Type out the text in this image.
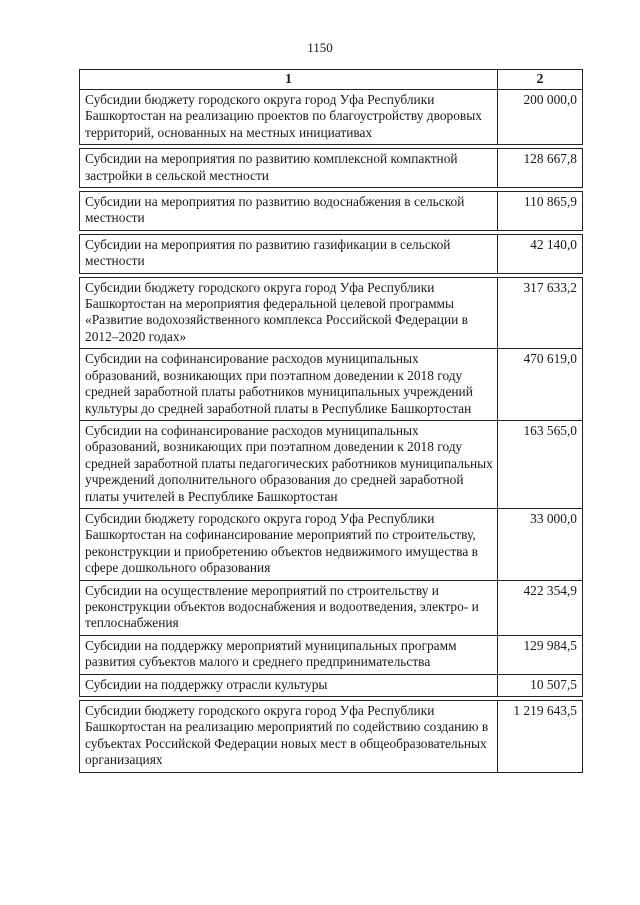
1150
1	2
Субсидии бюджету городского округа город Уфа Республики Башкортостан на реализацию проектов по благоустройству дворовых территорий, основанных на местных инициативах	200 000,0

Субсидии на мероприятия по развитию комплексной компактной застройки в сельской местности	128 667,8

Субсидии на мероприятия по развитию водоснабжения в сельской местности	110 865,9

Субсидии на мероприятия по развитию газификации в сельской местности	42 140,0

Субсидии бюджету городского округа город Уфа Республики Башкортостан на мероприятия федеральной целевой программы «Развитие водохозяйственного комплекса Российской Федерации в 2012–2020 годах»	317 633,2
Субсидии на софинансирование расходов муниципальных образований, возникающих при поэтапном доведении к 2018 году средней заработной платы работников муниципальных учреждений культуры до средней заработной платы в Республике Башкортостан	470 619,0
Субсидии на софинансирование расходов муниципальных образований, возникающих при поэтапном доведении к 2018 году средней заработной платы педагогических работников муниципальных учреждений дополнительного образования до средней заработной платы учителей в Республике Башкортостан	163 565,0
Субсидии бюджету городского округа город Уфа Республики Башкортостан на софинансирование мероприятий по строительству, реконструкции и приобретению объектов недвижимого имущества в сфере дошкольного образования	33 000,0
Субсидии на осуществление мероприятий по строительству и реконструкции объектов водоснабжения и водоотведения, электро- и теплоснабжения	422 354,9
Субсидии на поддержку мероприятий муниципальных программ развития субъектов малого и среднего предпринимательства	129 984,5
Субсидии на поддержку отрасли культуры	10 507,5

Субсидии бюджету городского округа город Уфа Республики Башкортостан на реализацию мероприятий по содействию созданию в субъектах Российской Федерации новых мест в общеобразовательных организациях	1 219 643,5
